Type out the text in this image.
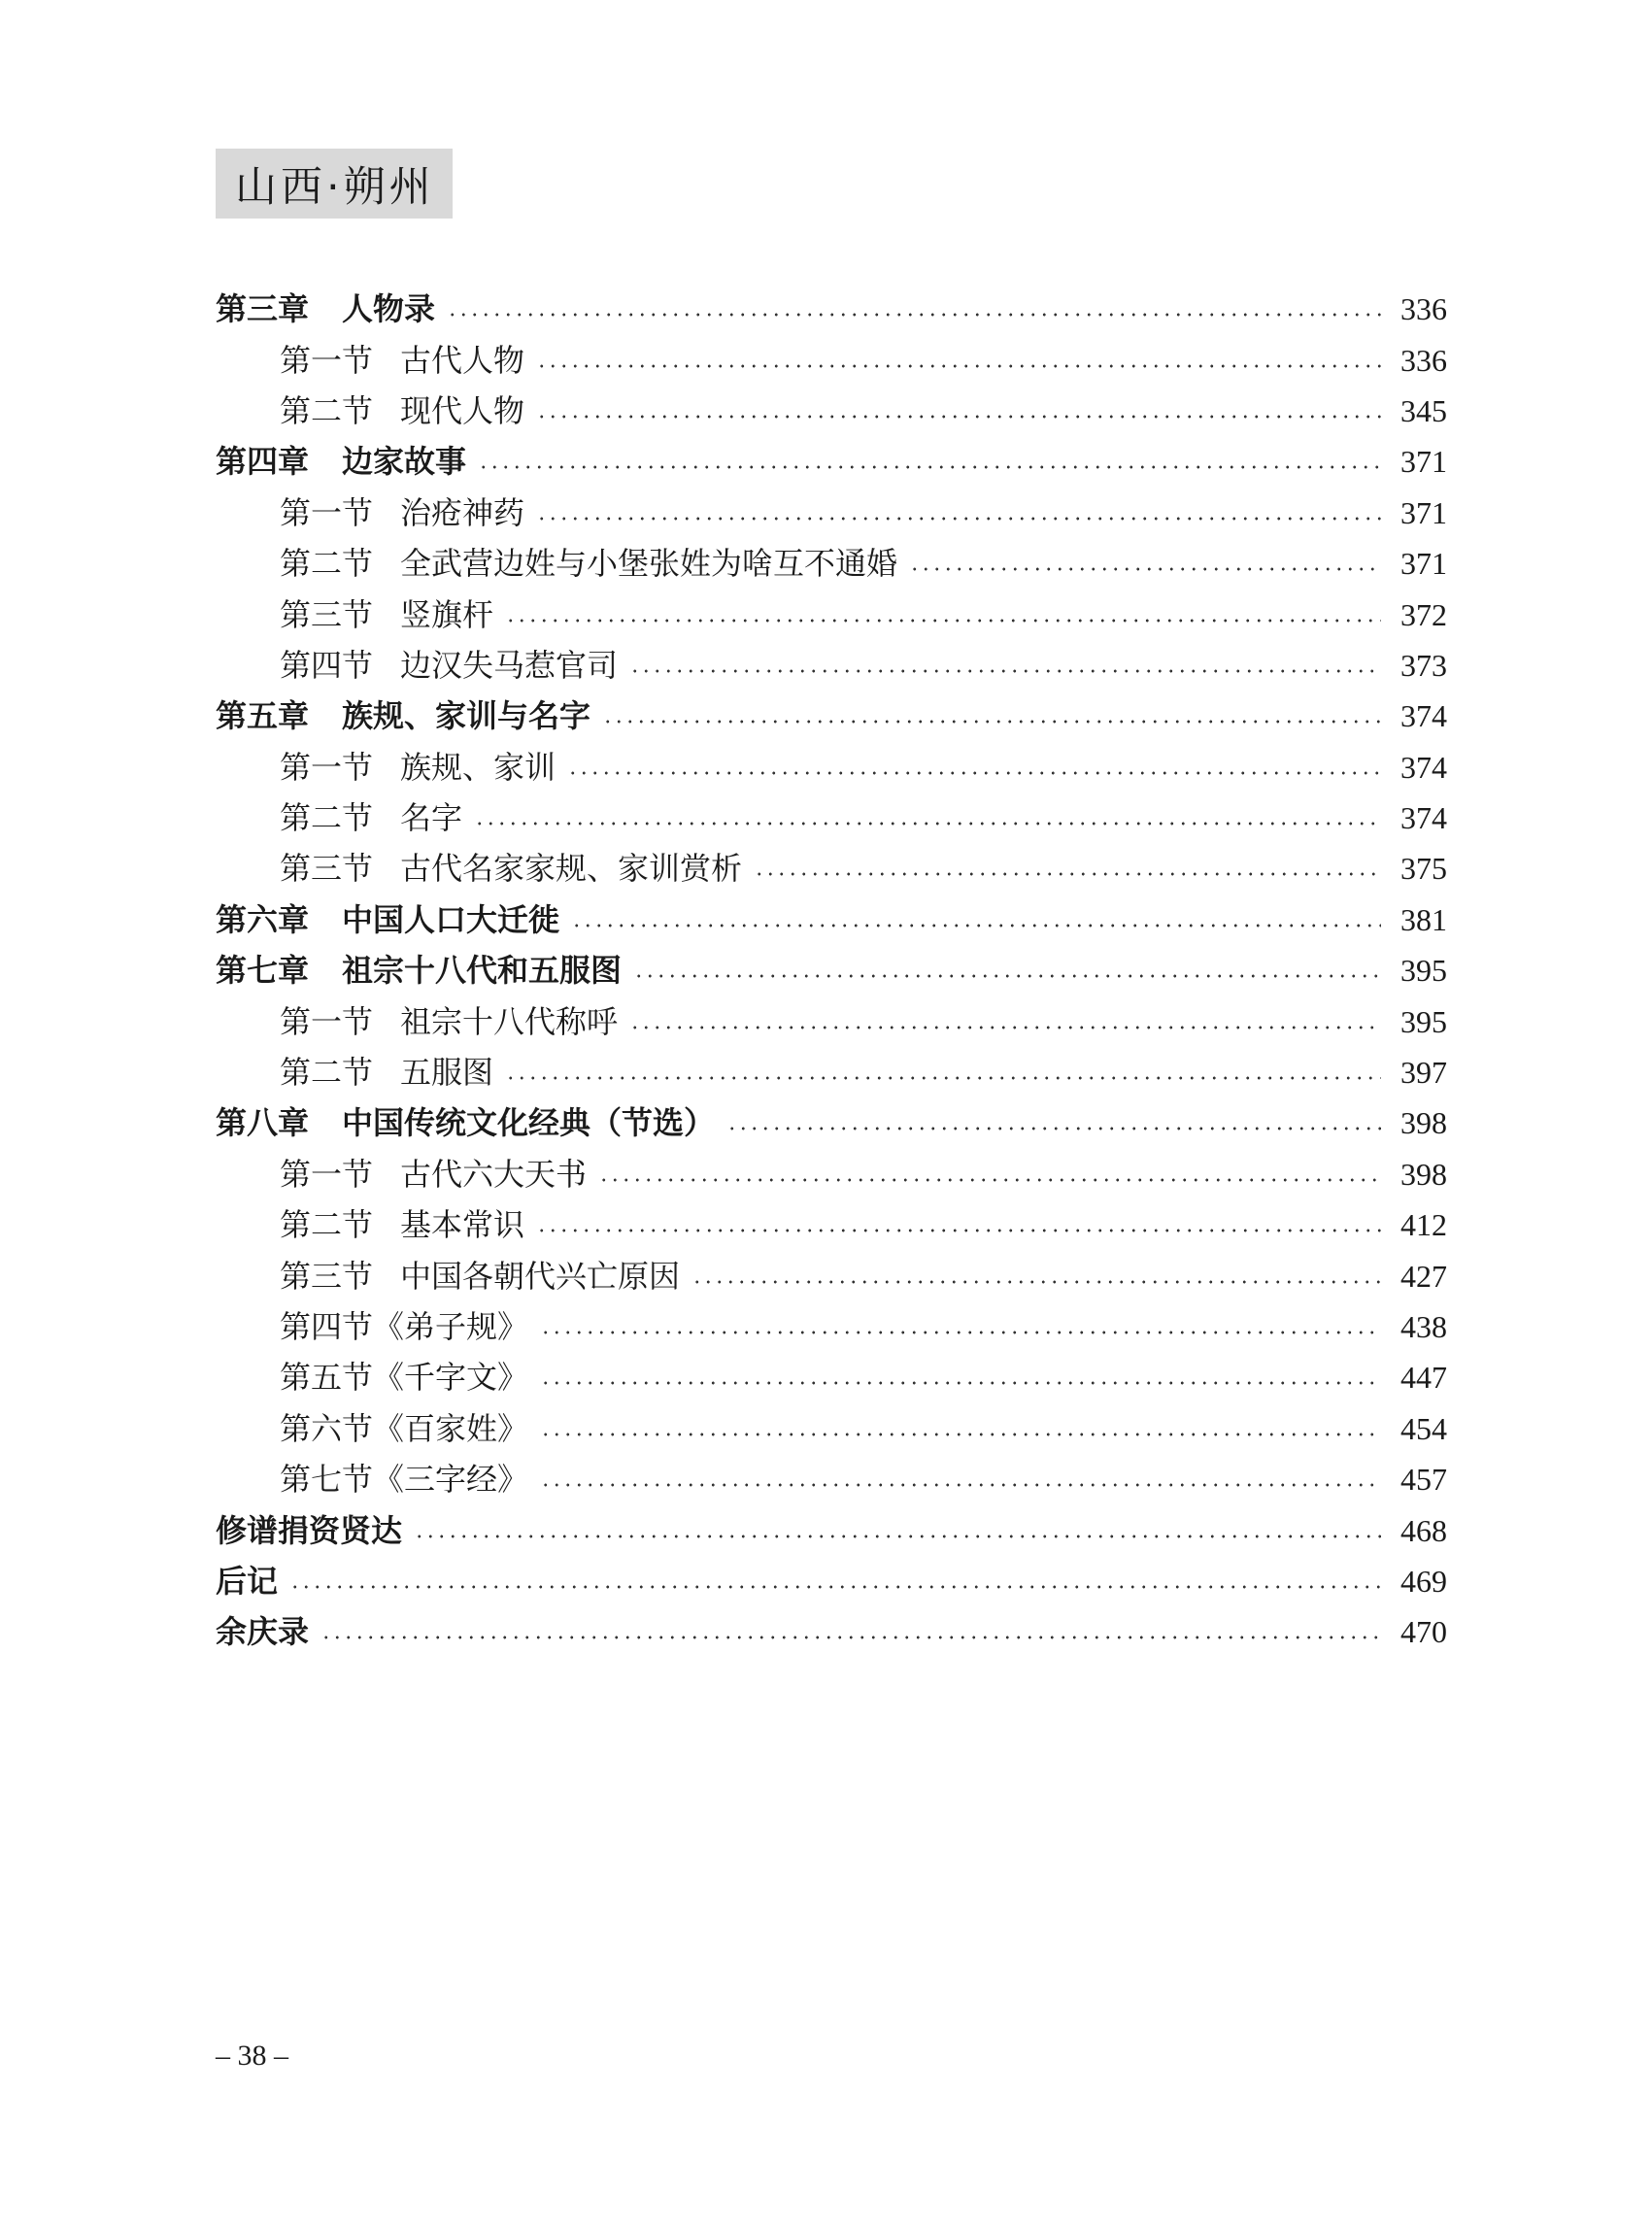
山西·朔州
第三章 人物录	336
第一节 古代人物	336
第二节 现代人物	345
第四章 边家故事	371
第一节 治疮神药	371
第二节 全武营边姓与小堡张姓为啥互不通婚	371
第三节 竖旗杆	372
第四节 边汉失马惹官司	373
第五章 族规、家训与名字	374
第一节 族规、家训	374
第二节 名字	374
第三节 古代名家家规、家训赏析	375
第六章 中国人口大迁徙	381
第七章 祖宗十八代和五服图	395
第一节 祖宗十八代称呼	395
第二节 五服图	397
第八章 中国传统文化经典（节选）	398
第一节 古代六大天书	398
第二节 基本常识	412
第三节 中国各朝代兴亡原因	427
第四节《弟子规》	438
第五节《千字文》	447
第六节《百家姓》	454
第七节《三字经》	457
修谱捐资贤达	468
后记	469
余庆录	470
– 38 –
